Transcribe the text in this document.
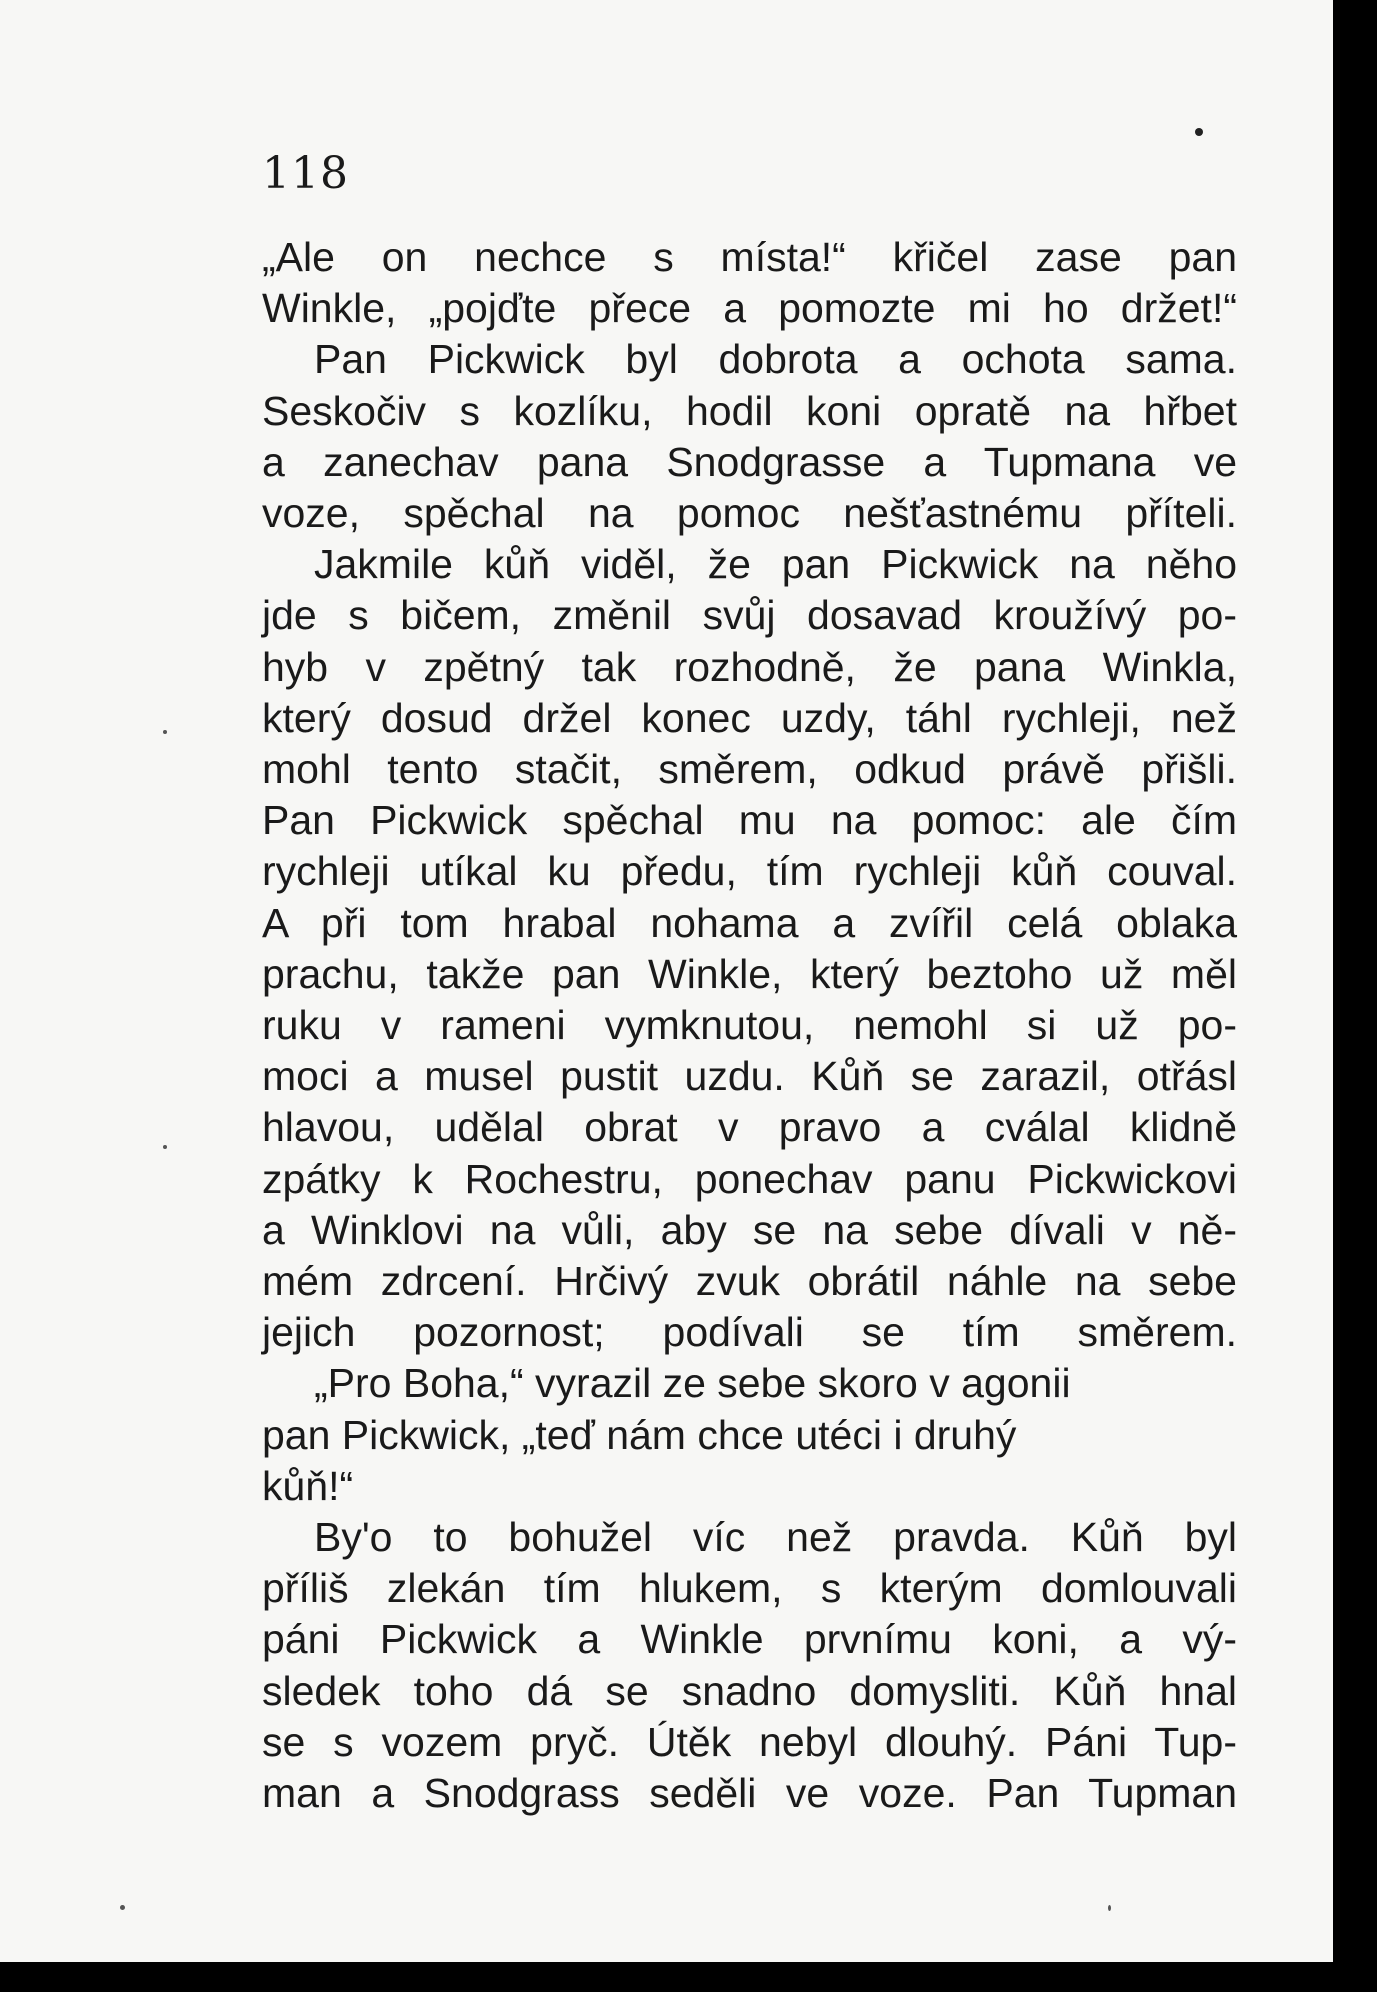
118

„Ale on nechce s místa!“ křičel zase pan
Winkle, „pojďte přece a pomozte mi ho držet!“

Pan Pickwick byl dobrota a ochota sama.
Seskočiv s kozlíku, hodil koni opratě na hřbet
a zanechav pana Snodgrasse a Tupmana ve
voze, spěchal na pomoc nešťastnému příteli.

Jakmile kůň viděl, že pan Pickwick na něho
jde s bičem, změnil svůj dosavad kroužívý po-
hyb v zpětný tak rozhodně, že pana Winkla,
který dosud držel konec uzdy, táhl rychleji, než
mohl tento stačit, směrem, odkud právě přišli.
Pan Pickwick spěchal mu na pomoc: ale čím
rychleji utíkal ku předu, tím rychleji kůň couval.
A při tom hrabal nohama a zvířil celá oblaka
prachu, takže pan Winkle, který beztoho už měl
ruku v rameni vymknutou, nemohl si už po-
moci a musel pustit uzdu. Kůň se zarazil, otřásl
hlavou, udělal obrat v pravo a cválal klidně
zpátky k Rochestru, ponechav panu Pickwickovi
a Winklovi na vůli, aby se na sebe dívali v ně-
mém zdrcení. Hrčivý zvuk obrátil náhle na sebe
jejich pozornost; podívali se tím směrem.

„Pro Boha,“ vyrazil ze sebe skoro v agonii
pan Pickwick, „teď nám chce utéci i druhý
kůň!“

By'o to bohužel víc než pravda. Kůň byl
příliš zlekán tím hlukem, s kterým domlouvali
páni Pickwick a Winkle prvnímu koni, a vý-
sledek toho dá se snadno domysliti. Kůň hnal
se s vozem pryč. Útěk nebyl dlouhý. Páni Tup-
man a Snodgrass seděli ve voze. Pan Tupman
